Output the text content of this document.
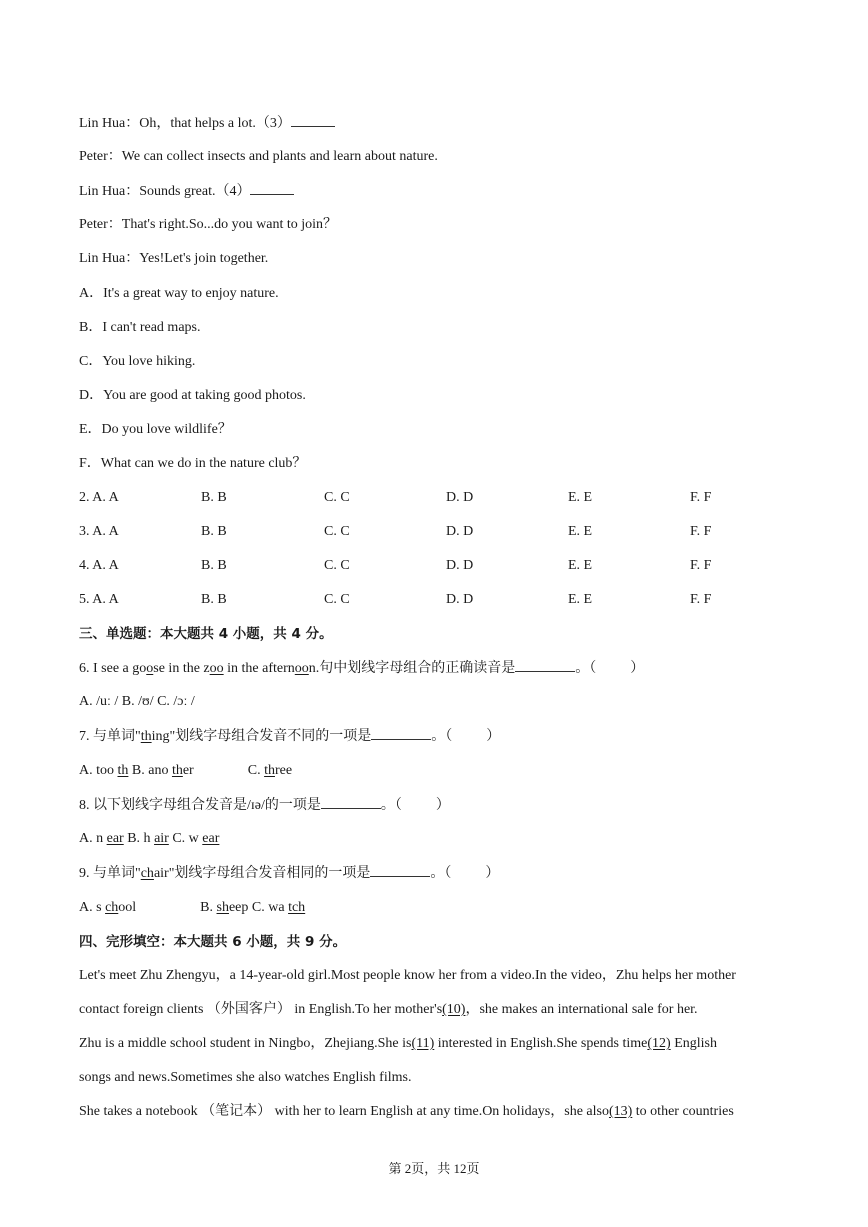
Lin Hua：Oh，that helps a lot.（3）
Peter：We can collect insects and plants and learn about nature.
Lin Hua：Sounds great.（4）
Peter：That's right.So...do you want to join？
Lin Hua：Yes!Let's join together.
A．It's a great way to enjoy nature.
B．I can't read maps.
C．You love hiking.
D．You are good at taking good photos.
E．Do you love wildlife？
F．What can we do in the nature club？
2. A. A	B. B	C. C	D. D	E. E	F. F
3. A. A	B. B	C. C	D. D	E. E	F. F
4. A. A	B. B	C. C	D. D	E. E	F. F
5. A. A	B. B	C. C	D. D	E. E	F. F
三、单选题：本大题共 4 小题，共 4 分。
6. I see a goose in the zoo in the afternoon.句中划线字母组合的正确读音是	。（ ）
A. /uː / B. /ʊ/ C. /ɔː /
7. 与单词"thing"划线字母组合发音不同的一项是	。（ ）
A. too th B. ano ther	C. three
8. 以下划线字母组合发音是/ɪə/的一项是	。（ ）
A. n ear B. h air C. w ear
9. 与单词"chair"划线字母组合发音相同的一项是	。（ ）
A. s chool	B. sheep C. wa tch
四、完形填空：本大题共 6 小题，共 9 分。
Let's meet Zhu Zhengyu，a 14-year-old girl.Most people know her from a video.In the video，Zhu helps her mother
contact foreign clients （外国客户） in English.To her mother's(10)，she makes an international sale for her.
Zhu is a middle school student in Ningbo，Zhejiang.She is(11) interested in English.She spends time(12) English
songs and news.Sometimes she also watches English films.
She takes a notebook （笔记本） with her to learn English at any time.On holidays，she also(13) to other countries
第 2页，共 12页
